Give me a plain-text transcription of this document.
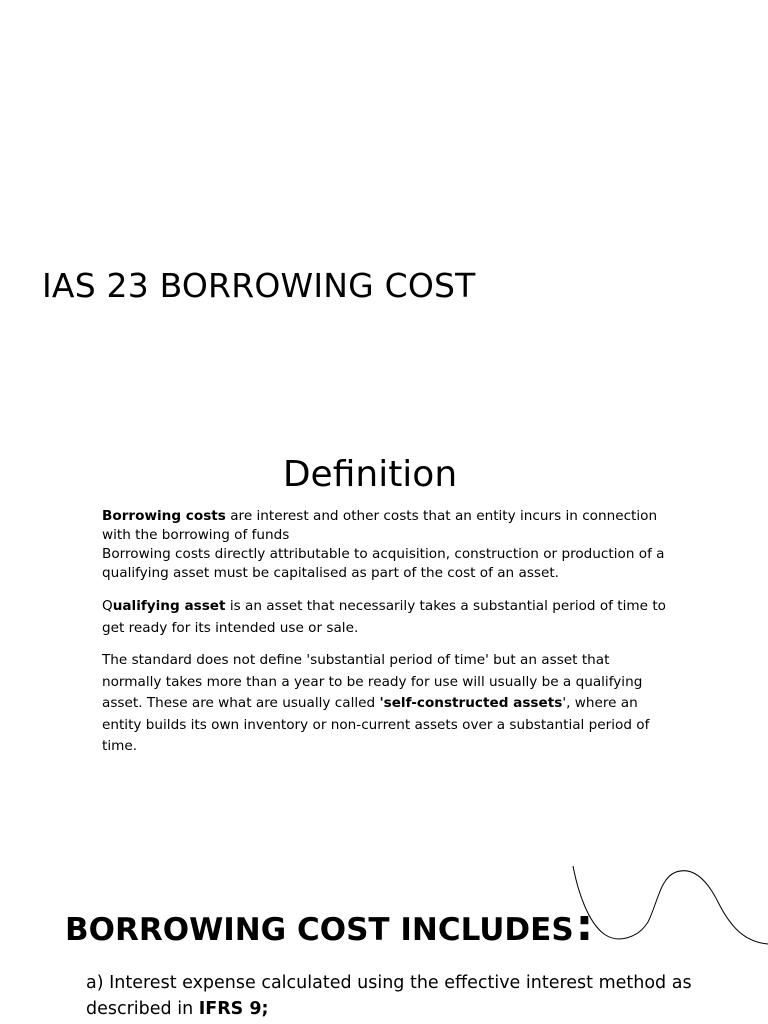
IAS 23 BORROWING COST
Definition
Borrowing costs are interest and other costs that an entity incurs in connection with the borrowing of funds
Borrowing costs directly attributable to acquisition, construction or production of a qualifying asset must be capitalised as part of the cost of an asset.
Qualifying asset is an asset that necessarily takes a substantial period of time to get ready for its intended use or sale.
The standard does not define 'substantial period of time' but an asset that normally takes more than a year to be ready for use will usually be a qualifying asset. These are what are usually called 'self-constructed assets', where an entity builds its own inventory or non-current assets over a substantial period of time.
BORROWING COST INCLUDES:
a) Interest expense calculated using the effective interest method as described in IFRS 9;
